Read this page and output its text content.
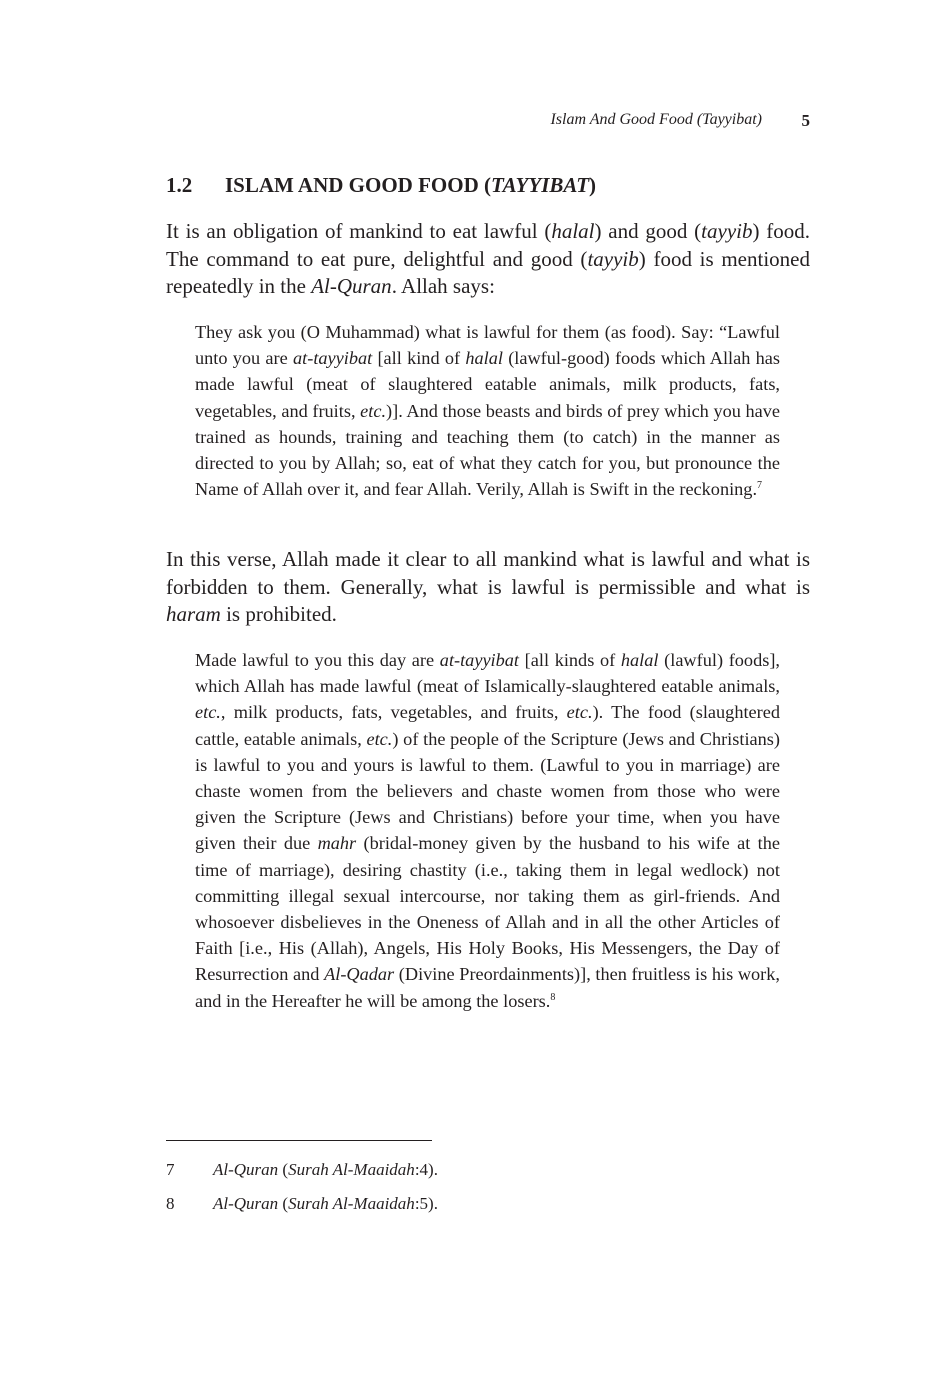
Islam And Good Food (Tayyibat) 5
1.2 ISLAM AND GOOD FOOD (TAYYIBAT)

It is an obligation of mankind to eat lawful (halal) and good (tayyib) food. The command to eat pure, delightful and good (tayyib) food is mentioned repeatedly in the Al-Quran. Allah says:

They ask you (O Muhammad) what is lawful for them (as food). Say: “Lawful unto you are at-tayyibat [all kind of halal (lawful-good) foods which Allah has made lawful (meat of slaughtered eatable animals, milk products, fats, vegetables, and fruits, etc.)]. And those beasts and birds of prey which you have trained as hounds, training and teaching them (to catch) in the manner as directed to you by Allah; so, eat of what they catch for you, but pronounce the Name of Allah over it, and fear Allah. Verily, Allah is Swift in the reckoning.$^7$

In this verse, Allah made it clear to all mankind what is lawful and what is forbidden to them. Generally, what is lawful is permissible and what is haram is prohibited.

Made lawful to you this day are at-tayyibat [all kinds of halal (lawful) foods], which Allah has made lawful (meat of Islamically-slaughtered eatable animals, etc., milk products, fats, vegetables, and fruits, etc.). The food (slaughtered cattle, eatable animals, etc.) of the people of the Scripture (Jews and Christians) is lawful to you and yours is lawful to them. (Lawful to you in marriage) are chaste women from the believers and chaste women from those who were given the Scripture (Jews and Christians) before your time, when you have given their due mahr (bridal-money given by the husband to his wife at the time of marriage), desiring chastity (i.e., taking them in legal wedlock) not committing illegal sexual intercourse, nor taking them as girl-friends. And whosoever disbelieves in the Oneness of Allah and in all the other Articles of Faith [i.e., His (Allah), Angels, His Holy Books, His Messengers, the Day of Resurrection and Al-Qadar (Divine Preordainments)], then fruitless is his work, and in the Hereafter he will be among the losers.$^8$

7 Al-Quran (Surah Al-Maaidah:4).
8 Al-Quran (Surah Al-Maaidah:5).
